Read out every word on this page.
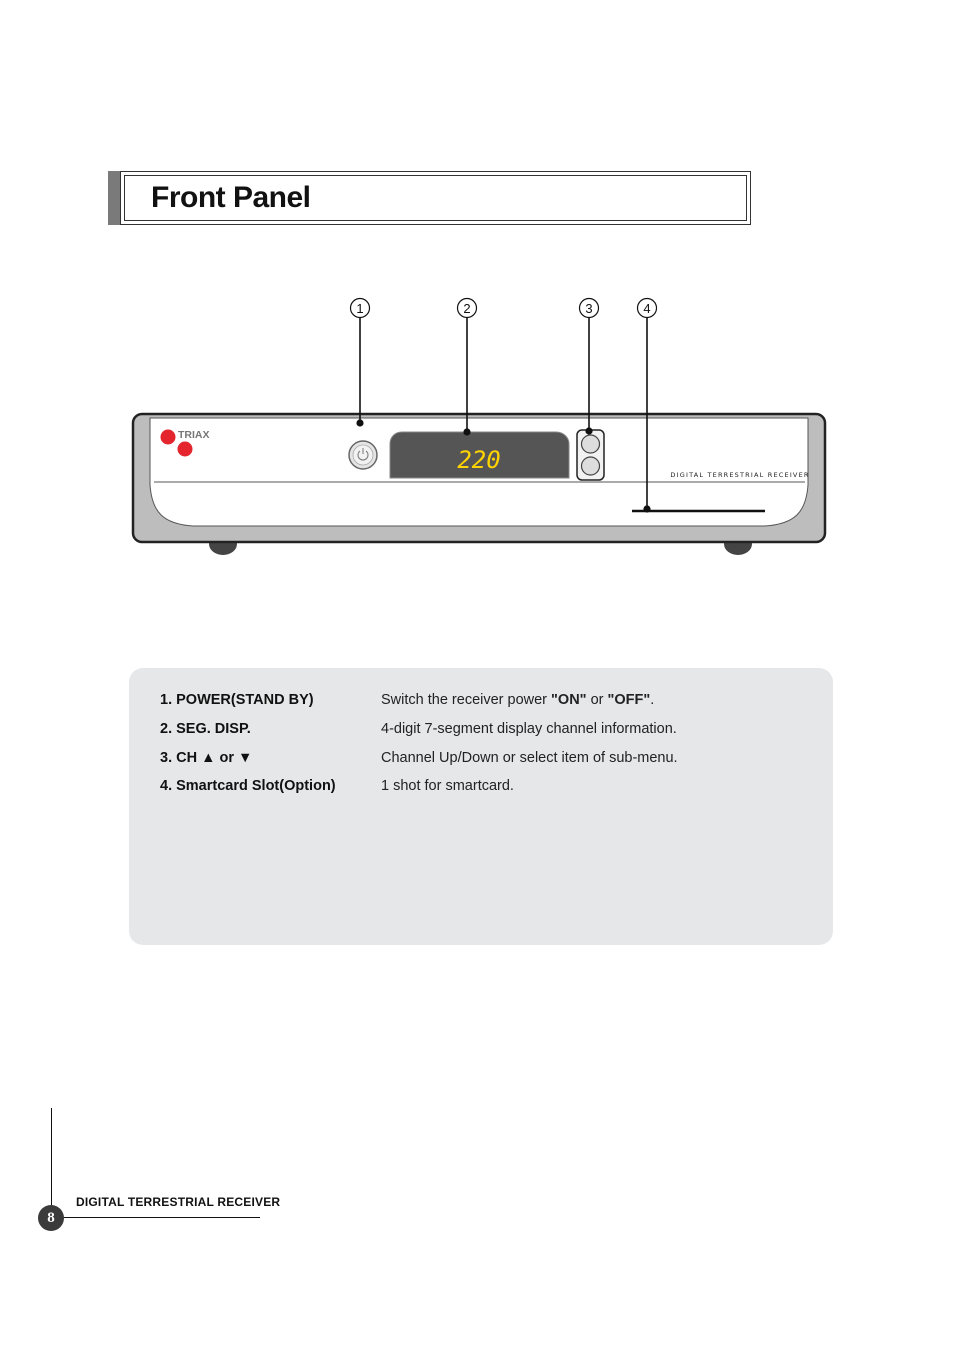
Front Panel
TRIAX
220
DIGITAL TERRESTRIAL RECEIVER
1	2	3	4
1. POWER(STAND BY)	Switch the receiver power "ON" or "OFF".
2. SEG. DISP.	4-digit 7-segment display channel information.
3. CH ▲ or ▼	Channel Up/Down or select item of sub-menu.
4. Smartcard Slot(Option)	1 shot for smartcard.
DIGITAL TERRESTRIAL RECEIVER
8
